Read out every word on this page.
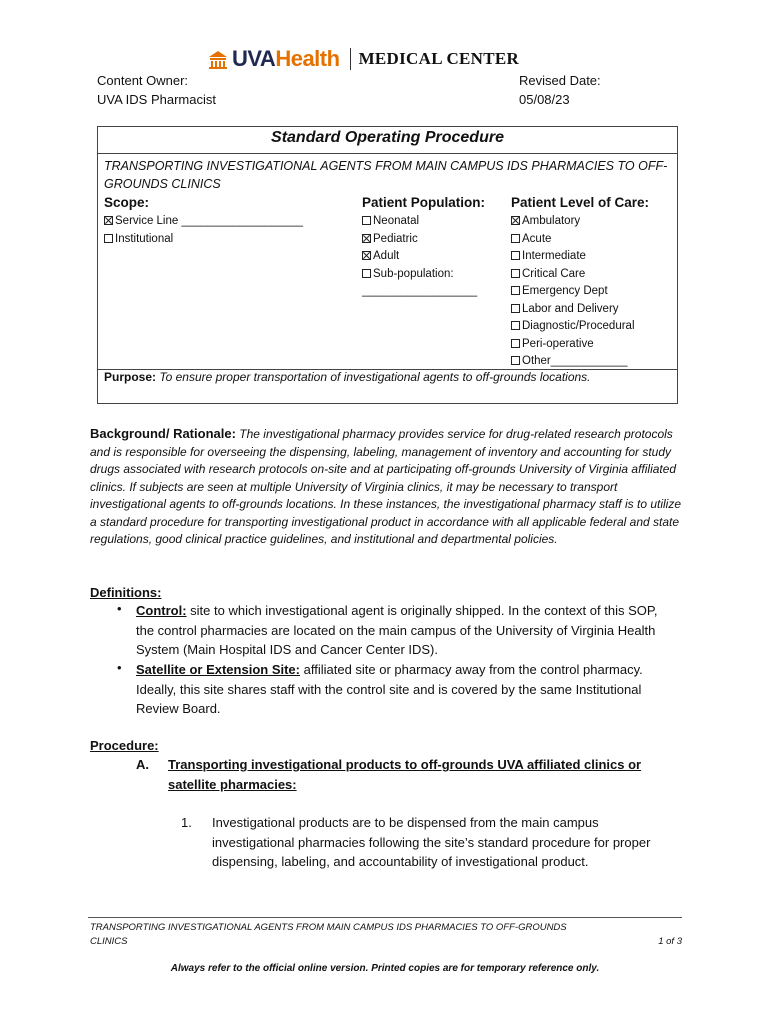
UVA Health MEDICAL CENTER
Content Owner:
UVA IDS Pharmacist
Revised Date:
05/08/23
Standard Operating Procedure
TRANSPORTING INVESTIGATIONAL AGENTS FROM MAIN CAMPUS IDS PHARMACIES TO OFF-GROUNDS CLINICS
Scope:
Service Line ___________________
Institutional
Patient Population:
Neonatal
Pediatric
Adult
Sub-population:
__________________
Patient Level of Care:
Ambulatory
Acute
Intermediate
Critical Care
Emergency Dept
Labor and Delivery
Diagnostic/Procedural
Peri-operative
Other____________
Purpose: To ensure proper transportation of investigational agents to off-grounds locations.
Background/ Rationale: The investigational pharmacy provides service for drug-related research protocols and is responsible for overseeing the dispensing, labeling, management of inventory and accounting for study drugs associated with research protocols on-site and at participating off-grounds University of Virginia affiliated clinics. If subjects are seen at multiple University of Virginia clinics, it may be necessary to transport investigational agents to off-grounds locations. In these instances, the investigational pharmacy staff is to utilize a standard procedure for transporting investigational product in accordance with all applicable federal and state regulations, good clinical practice guidelines, and institutional and departmental policies.
Definitions:
• Control: site to which investigational agent is originally shipped. In the context of this SOP, the control pharmacies are located on the main campus of the University of Virginia Health System (Main Hospital IDS and Cancer Center IDS).
• Satellite or Extension Site: affiliated site or pharmacy away from the control pharmacy. Ideally, this site shares staff with the control site and is covered by the same Institutional Review Board.
Procedure:
A. Transporting investigational products to off-grounds UVA affiliated clinics or satellite pharmacies:
1. Investigational products are to be dispensed from the main campus investigational pharmacies following the site’s standard procedure for proper dispensing, labeling, and accountability of investigational product.
TRANSPORTING INVESTIGATIONAL AGENTS FROM MAIN CAMPUS IDS PHARMACIES TO OFF-GROUNDS CLINICS	1 of 3
Always refer to the official online version. Printed copies are for temporary reference only.
